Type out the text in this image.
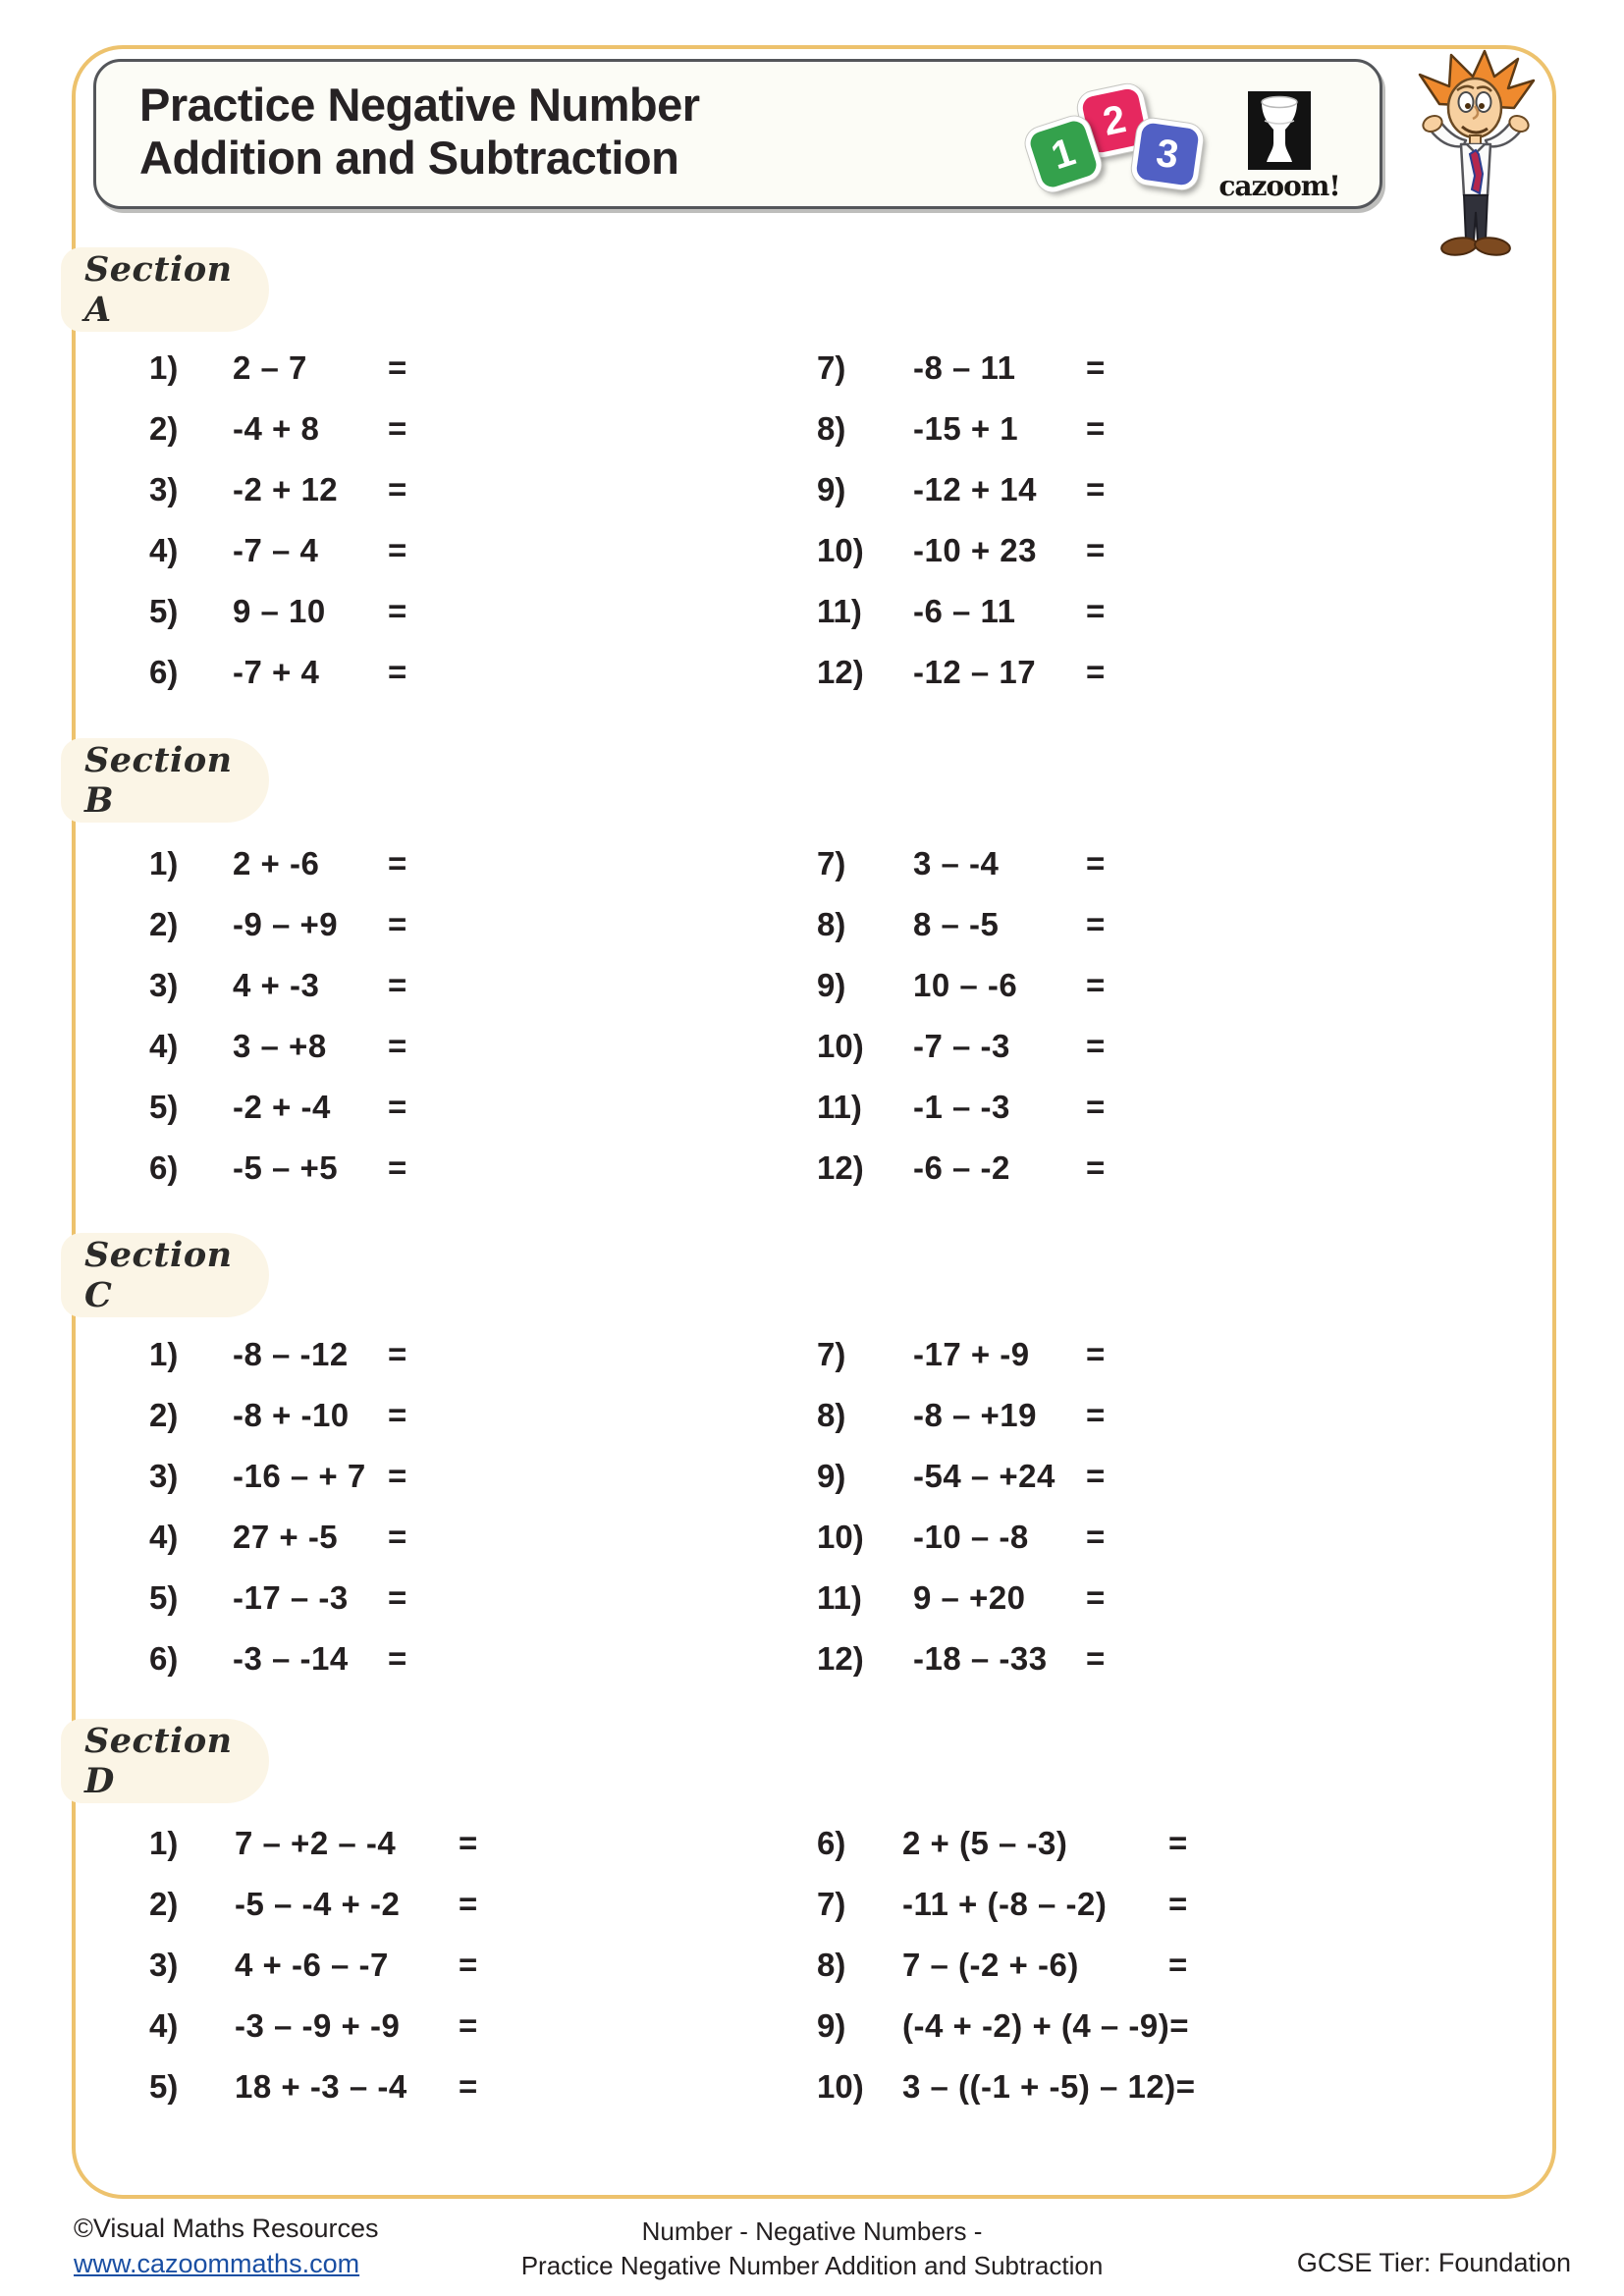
Practice Negative Number
Addition and Subtraction
2
1 3
cazoom!
Section A
1)	2 – 7	=
2)	-4 + 8	=
3)	-2 + 12	=
4)	-7 – 4	=
5)	9 – 10	=
6)	-7 + 4	=
7)	-8 – 11	=
8)	-15 + 1	=
9)	-12 + 14	=
10)	-10 + 23	=
11)	-6 – 11	=
12)	-12 – 17	=
Section B
1)	2 + -6	=
2)	-9 – +9	=
3)	4 + -3	=
4)	3 – +8	=
5)	-2 + -4	=
6)	-5 – +5	=
7)	3 – -4	=
8)	8 – -5	=
9)	10 – -6	=
10)	-7 – -3	=
11)	-1 – -3	=
12)	-6 – -2	=
Section C
1)	-8 – -12	=
2)	-8 + -10	=
3)	-16 – + 7 =
4)	27 + -5	=
5)	-17 – -3	=
6)	-3 – -14	=
7)	-17 + -9	=
8)	-8 – +19	=
9)	-54 – +24 =
10)	-10 – -8	=
11)	9 – +20	=
12)	-18 – -33	=
Section D
1)	7 – +2 – -4	=
2)	-5 – -4 + -2	=
3)	4 + -6 – -7	=
4)	-3 – -9 + -9	=
5)	18 + -3 – -4	=
6)	2 + (5 – -3)	=
7)	-11 + (-8 – -2)	=
8)	7 – (-2 + -6)	=
9)	(-4 + -2) + (4 – -9) =
10)	3 – ((-1 + -5) – 12) =
©Visual Maths Resources
www.cazoommaths.com
Number - Negative Numbers -
Practice Negative Number Addition and Subtraction	GCSE Tier: Foundation
